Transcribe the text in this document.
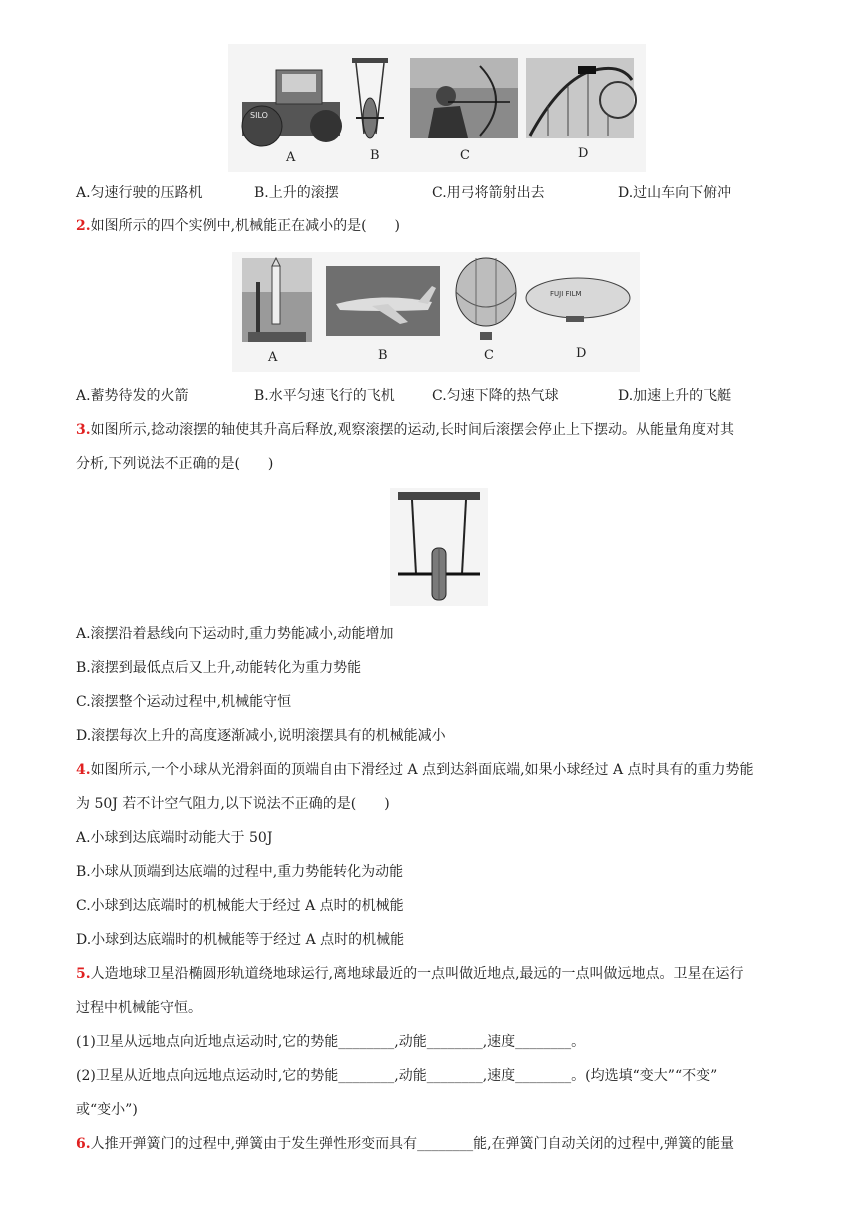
SILO
A	B	C	D
A.匀速行驶的压路机	B.上升的滚摆	C.用弓将箭射出去	D.过山车向下俯冲
2.如图所示的四个实例中,机械能正在减小的是(　　)
FUJI FILM
A	B	C	D
A.蓄势待发的火箭	B.水平匀速飞行的飞机	C.匀速下降的热气球	D.加速上升的飞艇
3.如图所示,捻动滚摆的轴使其升高后释放,观察滚摆的运动,长时间后滚摆会停止上下摆动。从能量角度对其
分析,下列说法不正确的是(　　)
A.滚摆沿着悬线向下运动时,重力势能减小,动能增加
B.滚摆到最低点后又上升,动能转化为重力势能
C.滚摆整个运动过程中,机械能守恒
D.滚摆每次上升的高度逐渐减小,说明滚摆具有的机械能减小
4.如图所示,一个小球从光滑斜面的顶端自由下滑经过 A 点到达斜面底端,如果小球经过 A 点时具有的重力势能
为 50J 若不计空气阻力,以下说法不正确的是(　　)
A.小球到达底端时动能大于 50J
B.小球从顶端到达底端的过程中,重力势能转化为动能
C.小球到达底端时的机械能大于经过 A 点时的机械能
D.小球到达底端时的机械能等于经过 A 点时的机械能
5.人造地球卫星沿椭圆形轨道绕地球运行,离地球最近的一点叫做近地点,最远的一点叫做远地点。卫星在运行
过程中机械能守恒。
(1)卫星从远地点向近地点运动时,它的势能________,动能________,速度________。
(2)卫星从近地点向远地点运动时,它的势能________,动能________,速度________。(均选填“变大”“不变”
或“变小”)
6.人推开弹簧门的过程中,弹簧由于发生弹性形变而具有________能,在弹簧门自动关闭的过程中,弹簧的能量
